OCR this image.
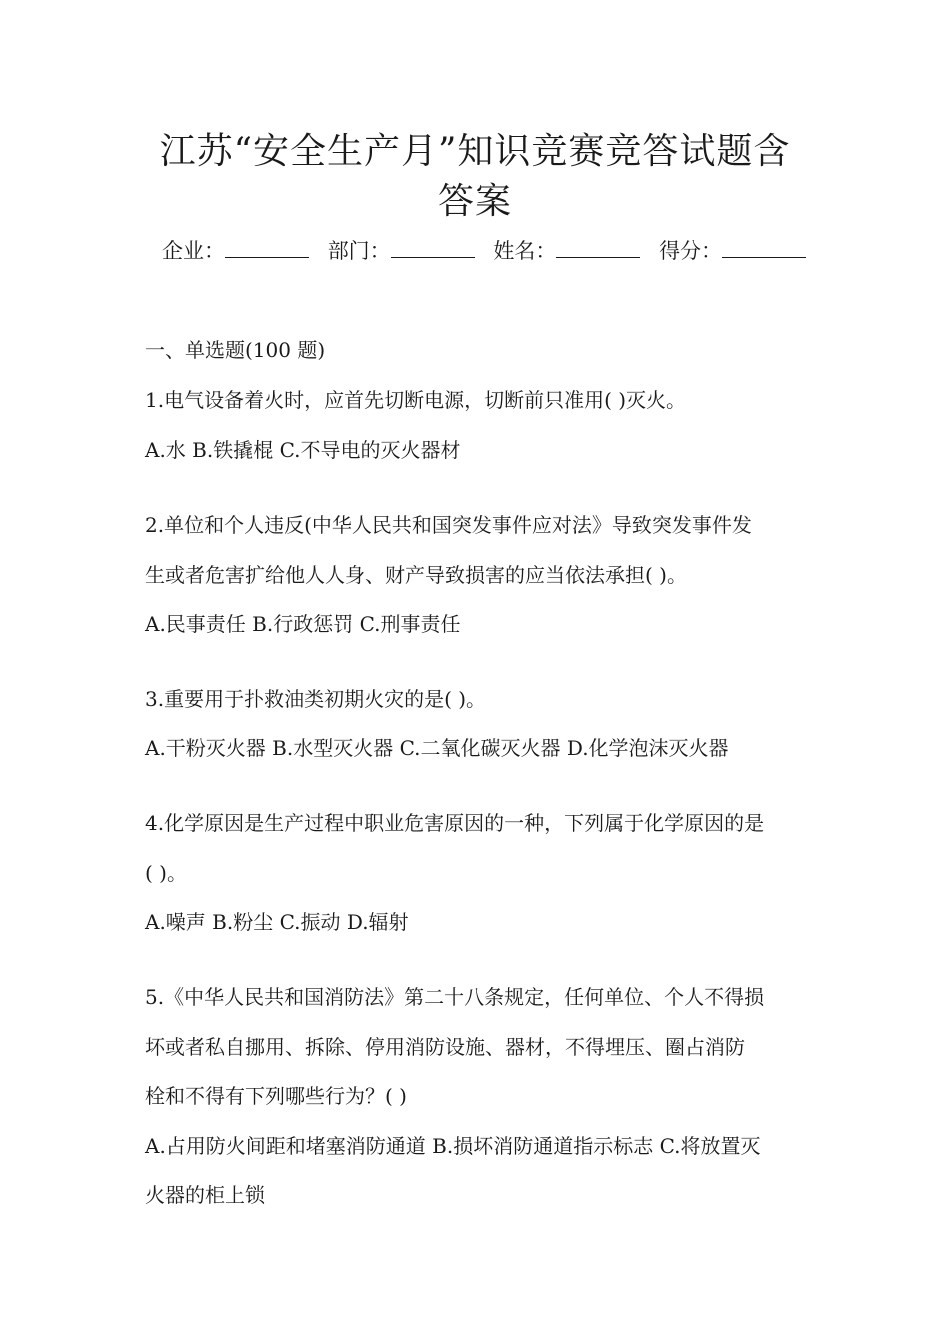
江苏“安全生产月”知识竞赛竞答试题含
答案
企业：	部门：	姓名：	得分：
一、单选题(100 题)
1.电气设备着火时，应首先切断电源，切断前只准用( )灭火。
A.水 B.铁撬棍 C.不导电的灭火器材
2.单位和个人违反(中华人民共和国突发事件应对法》导致突发事件发
生或者危害扩给他人人身、财产导致损害的应当依法承担( )。
A.民事责任 B.行政惩罚 C.刑事责任
3.重要用于扑救油类初期火灾的是( )。
A.干粉灭火器 B.水型灭火器 C.二氧化碳灭火器 D.化学泡沫灭火器
4.化学原因是生产过程中职业危害原因的一种，下列属于化学原因的是
( )。
A.噪声 B.粉尘 C.振动 D.辐射
5.《中华人民共和国消防法》第二十八条规定，任何单位、个人不得损
坏或者私自挪用、拆除、停用消防设施、器材，不得埋压、圈占消防
栓和不得有下列哪些行为？( )
A.占用防火间距和堵塞消防通道 B.损坏消防通道指示标志 C.将放置灭
火器的柜上锁
